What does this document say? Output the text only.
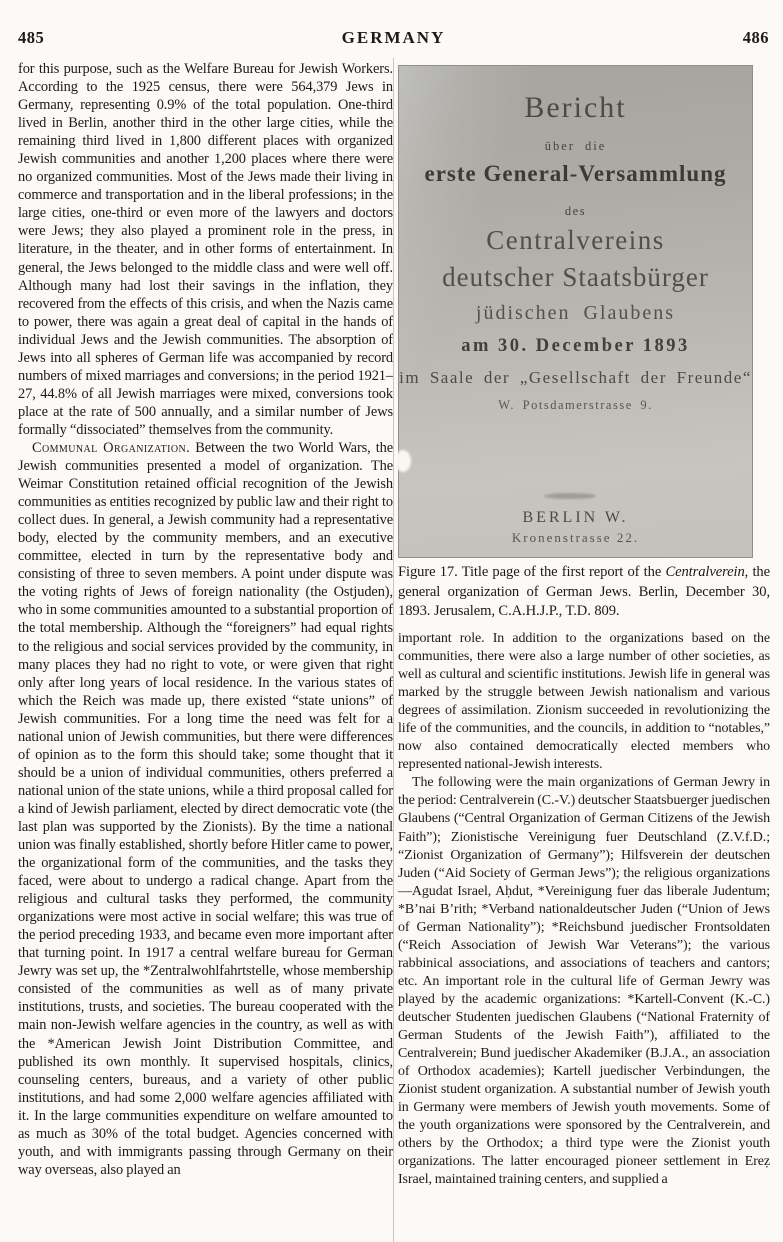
485	GERMANY	486

for this purpose, such as the Welfare Bureau for Jewish Workers. According to the 1925 census, there were 564,379 Jews in Germany, representing 0.9% of the total population. One-third lived in Berlin, another third in the other large cities, while the remaining third lived in 1,800 different places with organized Jewish communities and another 1,200 places where there were no organized communities. Most of the Jews made their living in commerce and transportation and in the liberal professions; in the large cities, one-third or even more of the lawyers and doctors were Jews; they also played a prominent role in the press, in literature, in the theater, and in other forms of entertainment. In general, the Jews belonged to the middle class and were well off. Although many had lost their savings in the inflation, they recovered from the effects of this crisis, and when the Nazis came to power, there was again a great deal of capital in the hands of individual Jews and the Jewish communities. The absorption of Jews into all spheres of German life was accompanied by record numbers of mixed marriages and conversions; in the period 1921–27, 44.8% of all Jewish marriages were mixed, conversions took place at the rate of 500 annually, and a similar number of Jews formally “dissociated” themselves from the community.

Communal Organization. Between the two World Wars, the Jewish communities presented a model of organization. The Weimar Constitution retained official recognition of the Jewish communities as entities recognized by public law and their right to collect dues. In general, a Jewish community had a representative body, elected by the community members, and an executive committee, elected in turn by the representative body and consisting of three to seven members. A point under dispute was the voting rights of Jews of foreign nationality (the Ostjuden), who in some communities amounted to a substantial proportion of the total membership. Although the “foreigners” had equal rights to the religious and social services provided by the community, in many places they had no right to vote, or were given that right only after long years of local residence. In the various states of which the Reich was made up, there existed “state unions” of Jewish communities. For a long time the need was felt for a national union of Jewish communities, but there were differences of opinion as to the form this should take; some thought that it should be a union of individual communities, others preferred a national union of the state unions, while a third proposal called for a kind of Jewish parliament, elected by direct democratic vote (the last plan was supported by the Zionists). By the time a national union was finally established, shortly before Hitler came to power, the organizational form of the communities, and the tasks they faced, were about to undergo a radical change. Apart from the religious and cultural tasks they performed, the community organizations were most active in social welfare; this was true of the period preceding 1933, and became even more important after that turning point. In 1917 a central welfare bureau for German Jewry was set up, the *Zentralwohlfahrtstelle, whose membership consisted of the communities as well as of many private institutions, trusts, and societies. The bureau cooperated with the main non-Jewish welfare agencies in the country, as well as with the *American Jewish Joint Distribution Committee, and published its own monthly. It supervised hospitals, clinics, counseling centers, bureaus, and a variety of other public institutions, and had some 2,000 welfare agencies affiliated with it. In the large communities expenditure on welfare amounted to as much as 30% of the total budget. Agencies concerned with youth, and with immigrants passing through Germany on their way overseas, also played an

Bericht
über die
erste General-Versammlung
des
Centralvereins
deutscher Staatsbürger
jüdischen Glaubens
am 30. December 1893
im Saale der „Gesellschaft der Freunde“
W. Potsdamerstrasse 9.
BERLIN W.
Kronenstrasse 22.
Figure 17. Title page of the first report of the Centralverein, the general organization of German Jews. Berlin, December 30, 1893. Jerusalem, C.A.H.J.P., T.D. 809.

important role. In addition to the organizations based on the communities, there were also a large number of other societies, as well as cultural and scientific institutions. Jewish life in general was marked by the struggle between Jewish nationalism and various degrees of assimilation. Zionism succeeded in revolutionizing the life of the communities, and the councils, in addition to “notables,” now also contained democratically elected members who represented national-Jewish interests.

The following were the main organizations of German Jewry in the period: Centralverein (C.-V.) deutscher Staatsbuerger juedischen Glaubens (“Central Organization of German Citizens of the Jewish Faith”); Zionistische Vereinigung fuer Deutschland (Z.V.f.D.; “Zionist Organization of Germany”); Hilfsverein der deutschen Juden (“Aid Society of German Jews”); the religious organizations—Agudat Israel, Aḥdut, *Vereinigung fuer das liberale Judentum; *B’nai B’rith; *Verband nationaldeutscher Juden (“Union of Jews of German Nationality”); *Reichsbund juedischer Frontsoldaten (“Reich Association of Jewish War Veterans”); the various rabbinical associations, and associations of teachers and cantors; etc. An important role in the cultural life of German Jewry was played by the academic organizations: *Kartell-Convent (K.-C.) deutscher Studenten juedischen Glaubens (“National Fraternity of German Students of the Jewish Faith”), affiliated to the Centralverein; Bund juedischer Akademiker (B.J.A., an association of Orthodox academies); Kartell juedischer Verbindungen, the Zionist student organization. A substantial number of Jewish youth in Germany were members of Jewish youth movements. Some of the youth organizations were sponsored by the Centralverein, and others by the Orthodox; a third type were the Zionist youth organizations. The latter encouraged pioneer settlement in Ereẓ Israel, maintained training centers, and supplied a
